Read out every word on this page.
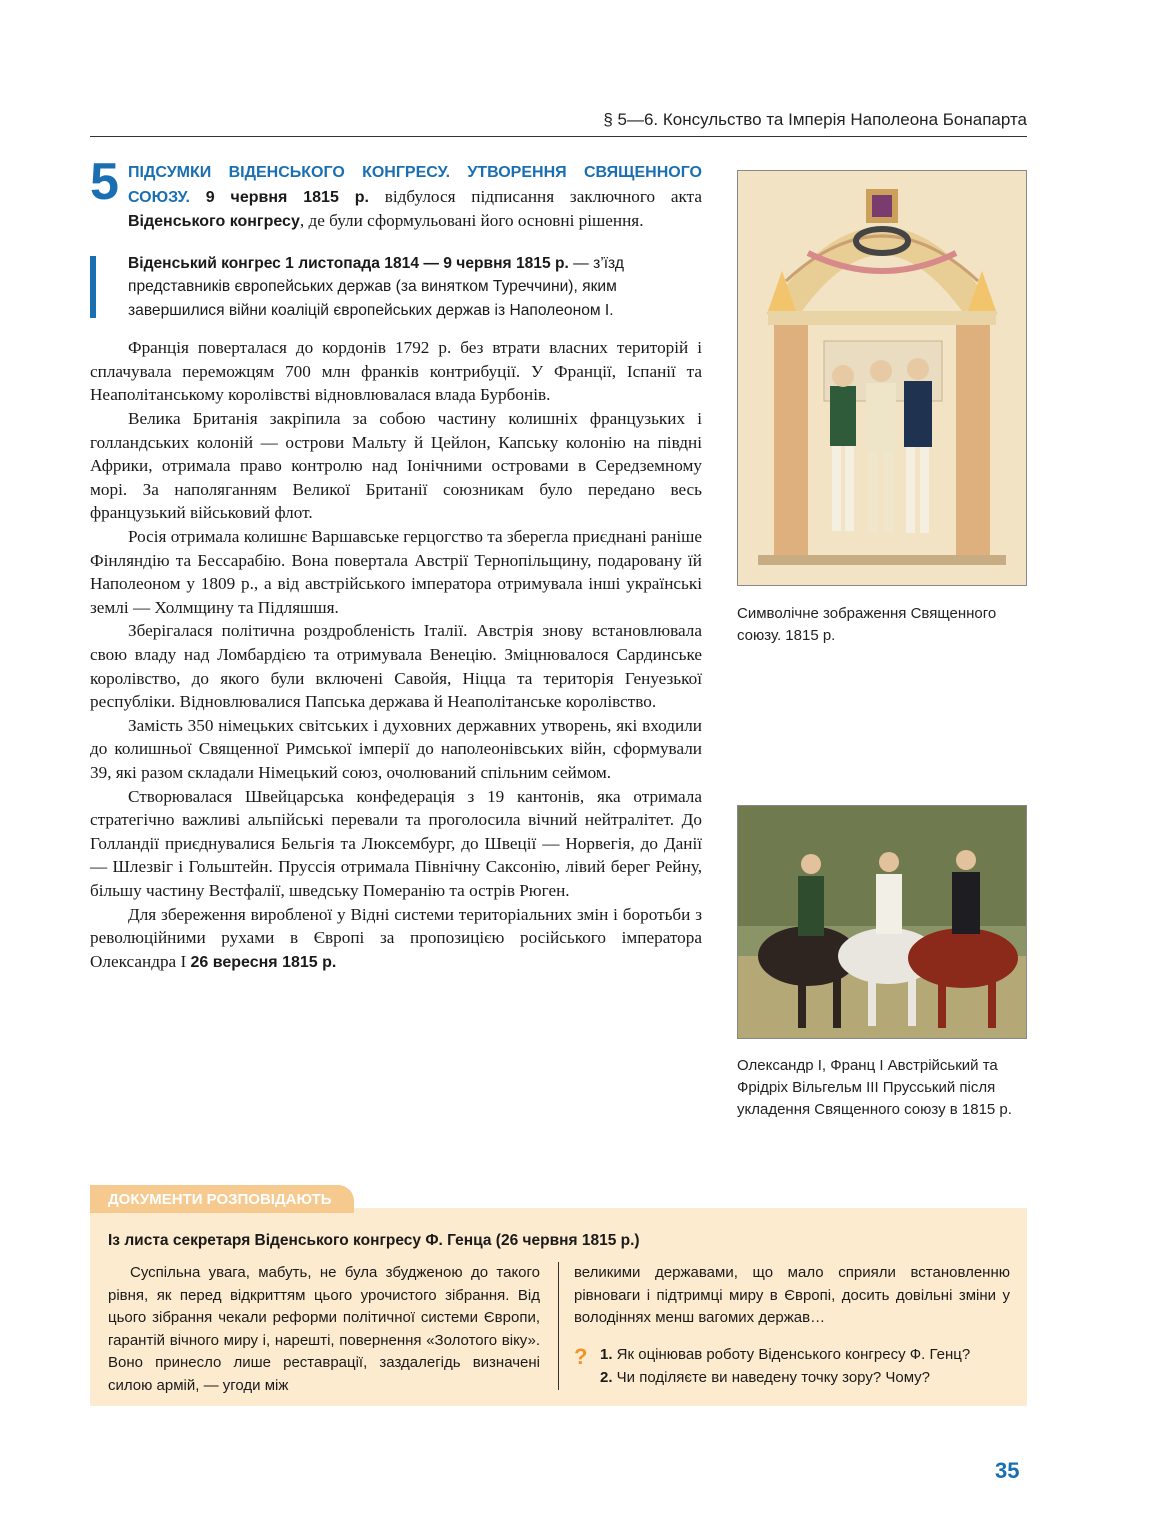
§ 5—6. Консульство та Імперія Наполеона Бонапарта
5 ПІДСУМКИ ВІДЕНСЬКОГО КОНГРЕСУ. УТВОРЕННЯ СВЯЩЕННОГО СОЮЗУ. 9 червня 1815 р. відбулося підписання заключного акта Віденського конгресу, де були сформульовані його основні рішення.
Віденський конгрес 1 листопада 1814 — 9 червня 1815 р. — з’їзд представників європейських держав (за винятком Туреччини), яким завершилися війни коаліцій європейських держав із Наполеоном I.

Франція поверталася до кордонів 1792 р. без втрати власних територій і сплачувала переможцям 700 млн франків контрибуції. У Франції, Іспанії та Неаполітанському королівстві відновлювалася влада Бурбонів.

Велика Британія закріпила за собою частину колишніх французьких і голландських колоній — острови Мальту й Цейлон, Капську колонію на півдні Африки, отримала право контролю над Іонічними островами в Середземному морі. За наполяганням Великої Британії союзникам було передано весь французький військовий флот.

Росія отримала колишнє Варшавське герцогство та зберегла приєднані раніше Фінляндію та Бессарабію. Вона повертала Австрії Тернопільщину, подаровану їй Наполеоном у 1809 р., а від австрійського імператора отримувала інші українські землі — Холмщину та Підляшшя.

Зберігалася політична роздробленість Італії. Австрія знову встановлювала свою владу над Ломбардією та отримувала Венецію. Зміцнювалося Сардинське королівство, до якого були включені Савойя, Ніцца та територія Генуезької республіки. Відновлювалися Папська держава й Неаполітанське королівство.

Замість 350 німецьких світських і духовних державних утворень, які входили до колишньої Священної Римської імперії до наполеонівських війн, сформували 39, які разом складали Німецький союз, очолюваний спільним сеймом.

Створювалася Швейцарська конфедерація з 19 кантонів, яка отримала стратегічно важливі альпійські перевали та проголосила вічний нейтралітет. До Голландії приєднувалися Бельгія та Люксембург, до Швеції — Норвегія, до Данії — Шлезвіг і Гольштейн. Пруссія отримала Північну Саксонію, лівий берег Рейну, більшу частину Вестфалії, шведську Померанію та острів Рюген.

Для збереження виробленої у Відні системи територіальних змін і боротьби з революційними рухами в Європі за пропозицією російського імператора Олександра I 26 вересня 1815 р.

Символічне зображення Священного союзу. 1815 р.
Олександр I, Франц I Австрійський та Фрідріх Вільгельм III Прусський після укладення Священного союзу в 1815 р.
ДОКУМЕНТИ РОЗПОВІДАЮТЬ
Із листа секретаря Віденського конгресу Ф. Генца (26 червня 1815 р.)
Суспільна увага, мабуть, не була збудженою до такого рівня, як перед відкриттям цього урочистого зібрання. Від цього зібрання чекали реформи політичної системи Європи, гарантій вічного миру і, нарешті, повернення «Золотого віку». Воно принесло лише реставрації, заздалегідь визначені силою армій, — угоди між
великими державами, що мало сприяли встановленню рівноваги і підтримці миру в Європі, досить довільні зміни у володіннях менш вагомих держав…
? 1. Як оцінював роботу Віденського конгресу Ф. Генц?
2. Чи поділяєте ви наведену точку зору? Чому?
35
